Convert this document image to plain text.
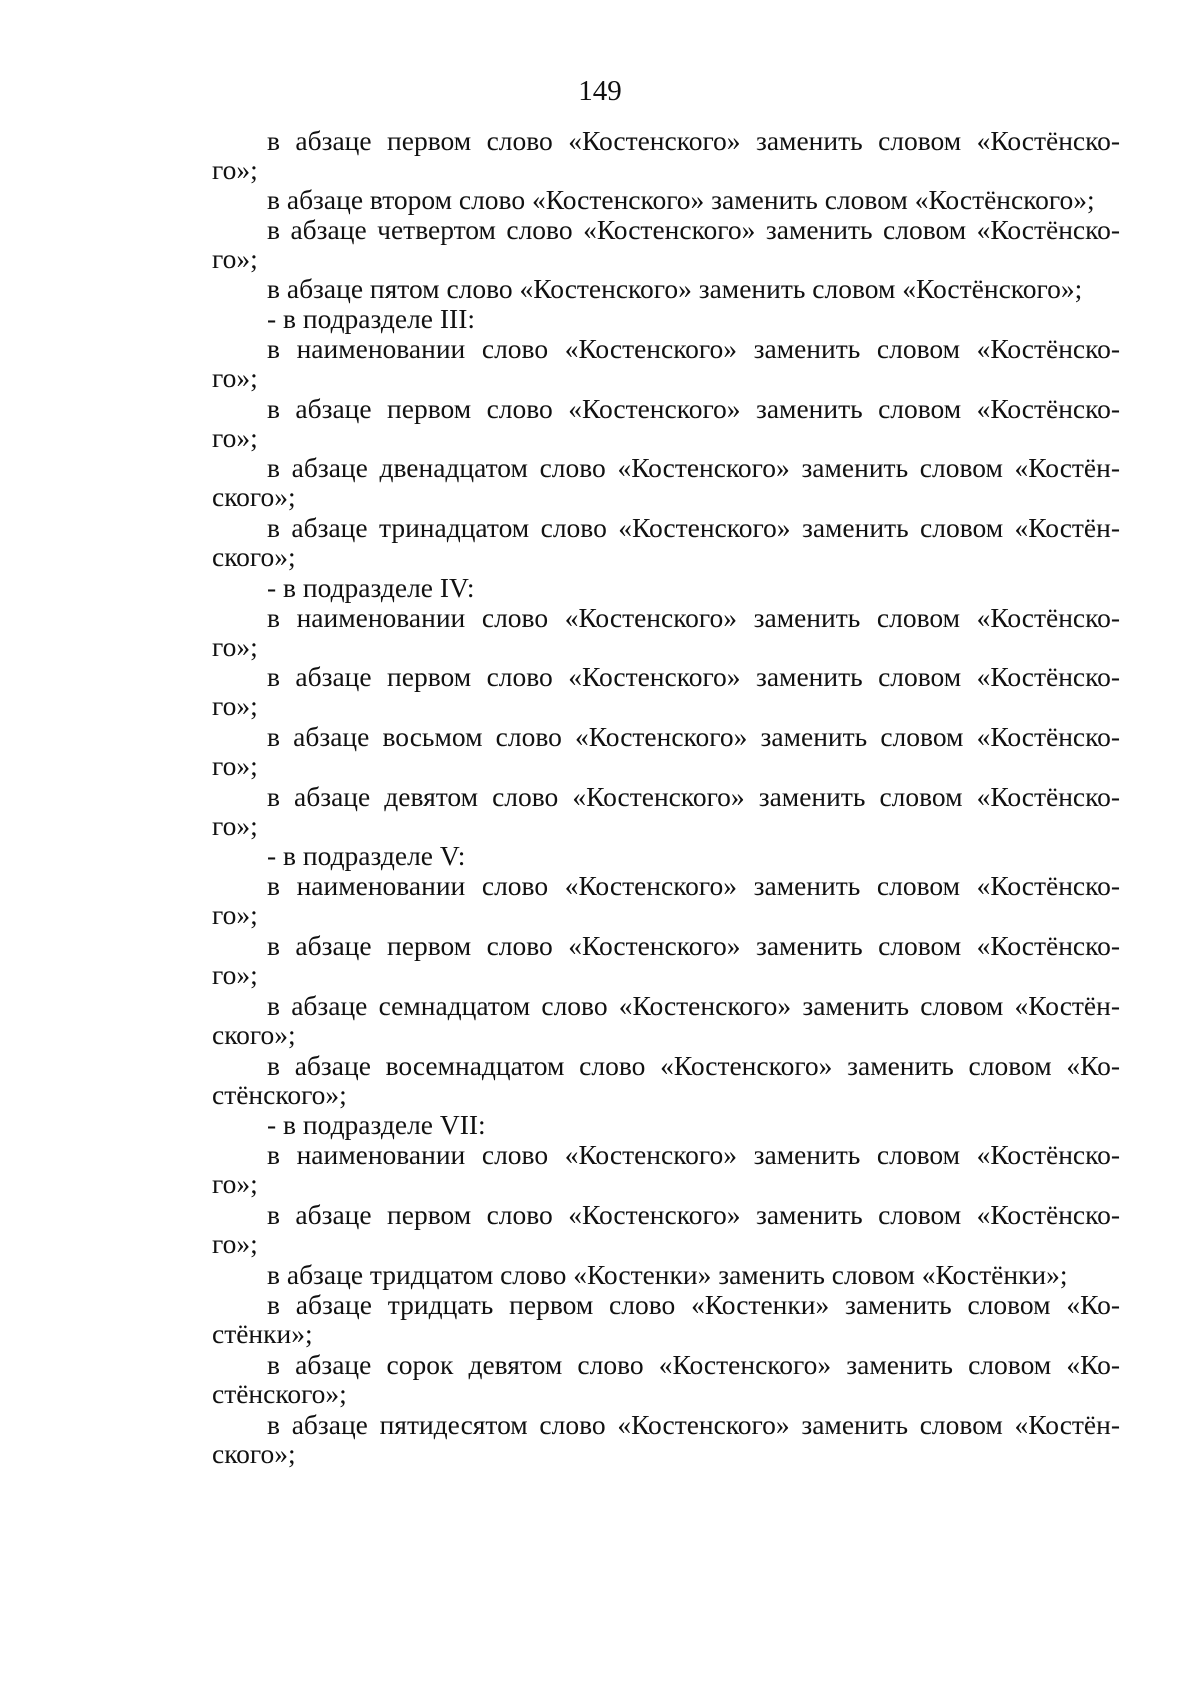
149
в абзаце первом слово «Костенского» заменить словом «Костёнско-
го»;
в абзаце втором слово «Костенского» заменить словом «Костёнского»;
в абзаце четвертом слово «Костенского» заменить словом «Костёнско-
го»;
в абзаце пятом слово «Костенского» заменить словом «Костёнского»;
- в подразделе III:
в наименовании слово «Костенского» заменить словом «Костёнско-
го»;
в абзаце первом слово «Костенского» заменить словом «Костёнско-
го»;
в абзаце двенадцатом слово «Костенского» заменить словом «Костён-
ского»;
в абзаце тринадцатом слово «Костенского» заменить словом «Костён-
ского»;
- в подразделе IV:
в наименовании слово «Костенского» заменить словом «Костёнско-
го»;
в абзаце первом слово «Костенского» заменить словом «Костёнско-
го»;
в абзаце восьмом слово «Костенского» заменить словом «Костёнско-
го»;
в абзаце девятом слово «Костенского» заменить словом «Костёнско-
го»;
- в подразделе V:
в наименовании слово «Костенского» заменить словом «Костёнско-
го»;
в абзаце первом слово «Костенского» заменить словом «Костёнско-
го»;
в абзаце семнадцатом слово «Костенского» заменить словом «Костён-
ского»;
в абзаце восемнадцатом слово «Костенского» заменить словом «Ко-
стёнского»;
- в подразделе VII:
в наименовании слово «Костенского» заменить словом «Костёнско-
го»;
в абзаце первом слово «Костенского» заменить словом «Костёнско-
го»;
в абзаце тридцатом слово «Костенки» заменить словом «Костёнки»;
в абзаце тридцать первом слово «Костенки» заменить словом «Ко-
стёнки»;
в абзаце сорок девятом слово «Костенского» заменить словом «Ко-
стёнского»;
в абзаце пятидесятом слово «Костенского» заменить словом «Костён-
ского»;
